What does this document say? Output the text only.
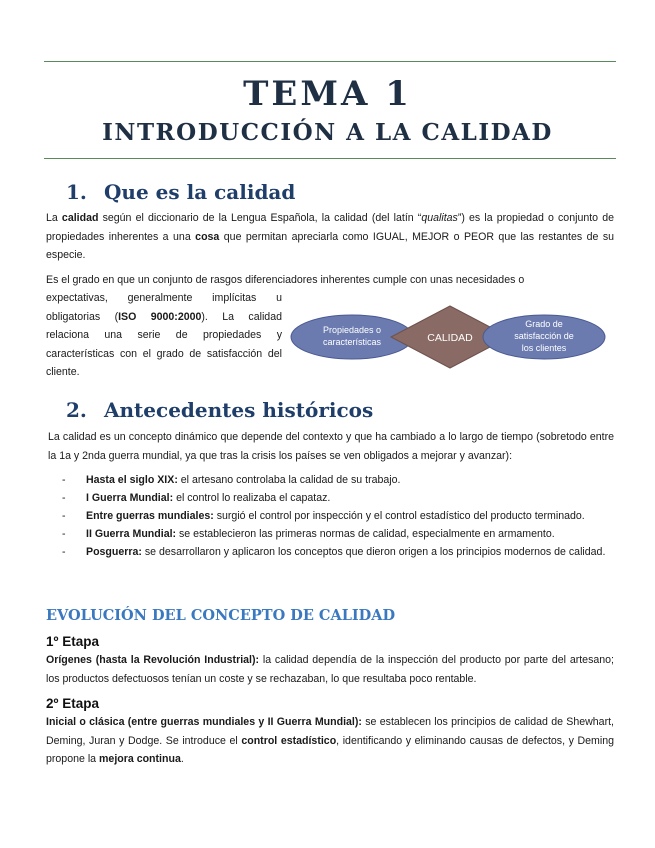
TEMA 1
INTRODUCCIÓN A LA CALIDAD
1. Que es la calidad
La calidad según el diccionario de la Lengua Española, la calidad (del latín “qualitas”) es la propiedad o conjunto de propiedades inherentes a una cosa que permitan apreciarla como IGUAL, MEJOR o PEOR que las restantes de su especie.
Es el grado en que un conjunto de rasgos diferenciadores inherentes cumple con unas necesidades o
expectativas, generalmente implícitas u obligatorias (ISO 9000:2000). La calidad relaciona una serie de propiedades y características con el grado de satisfacción del cliente.
Propiedades o
características	CALIDAD
Grado de
satisfacción de
los clientes
2. Antecedentes históricos
La calidad es un concepto dinámico que depende del contexto y que ha cambiado a lo largo de tiempo (sobretodo entre la 1a y 2nda guerra mundial, ya que tras la crisis los países se ven obligados a mejorar y avanzar):
- Hasta el siglo XIX: el artesano controlaba la calidad de su trabajo.
- I Guerra Mundial: el control lo realizaba el capataz.
- Entre guerras mundiales: surgió el control por inspección y el control estadístico del producto terminado.
- II Guerra Mundial: se establecieron las primeras normas de calidad, especialmente en armamento.
- Posguerra: se desarrollaron y aplicaron los conceptos que dieron origen a los principios modernos de calidad.
EVOLUCIÓN DEL CONCEPTO DE CALIDAD
1º Etapa
Orígenes (hasta la Revolución Industrial): la calidad dependía de la inspección del producto por parte del artesano; los productos defectuosos tenían un coste y se rechazaban, lo que resultaba poco rentable.
2º Etapa
Inicial o clásica (entre guerras mundiales y II Guerra Mundial): se establecen los principios de calidad de Shewhart, Deming, Juran y Dodge. Se introduce el control estadístico, identificando y eliminando causas de defectos, y Deming propone la mejora continua.
